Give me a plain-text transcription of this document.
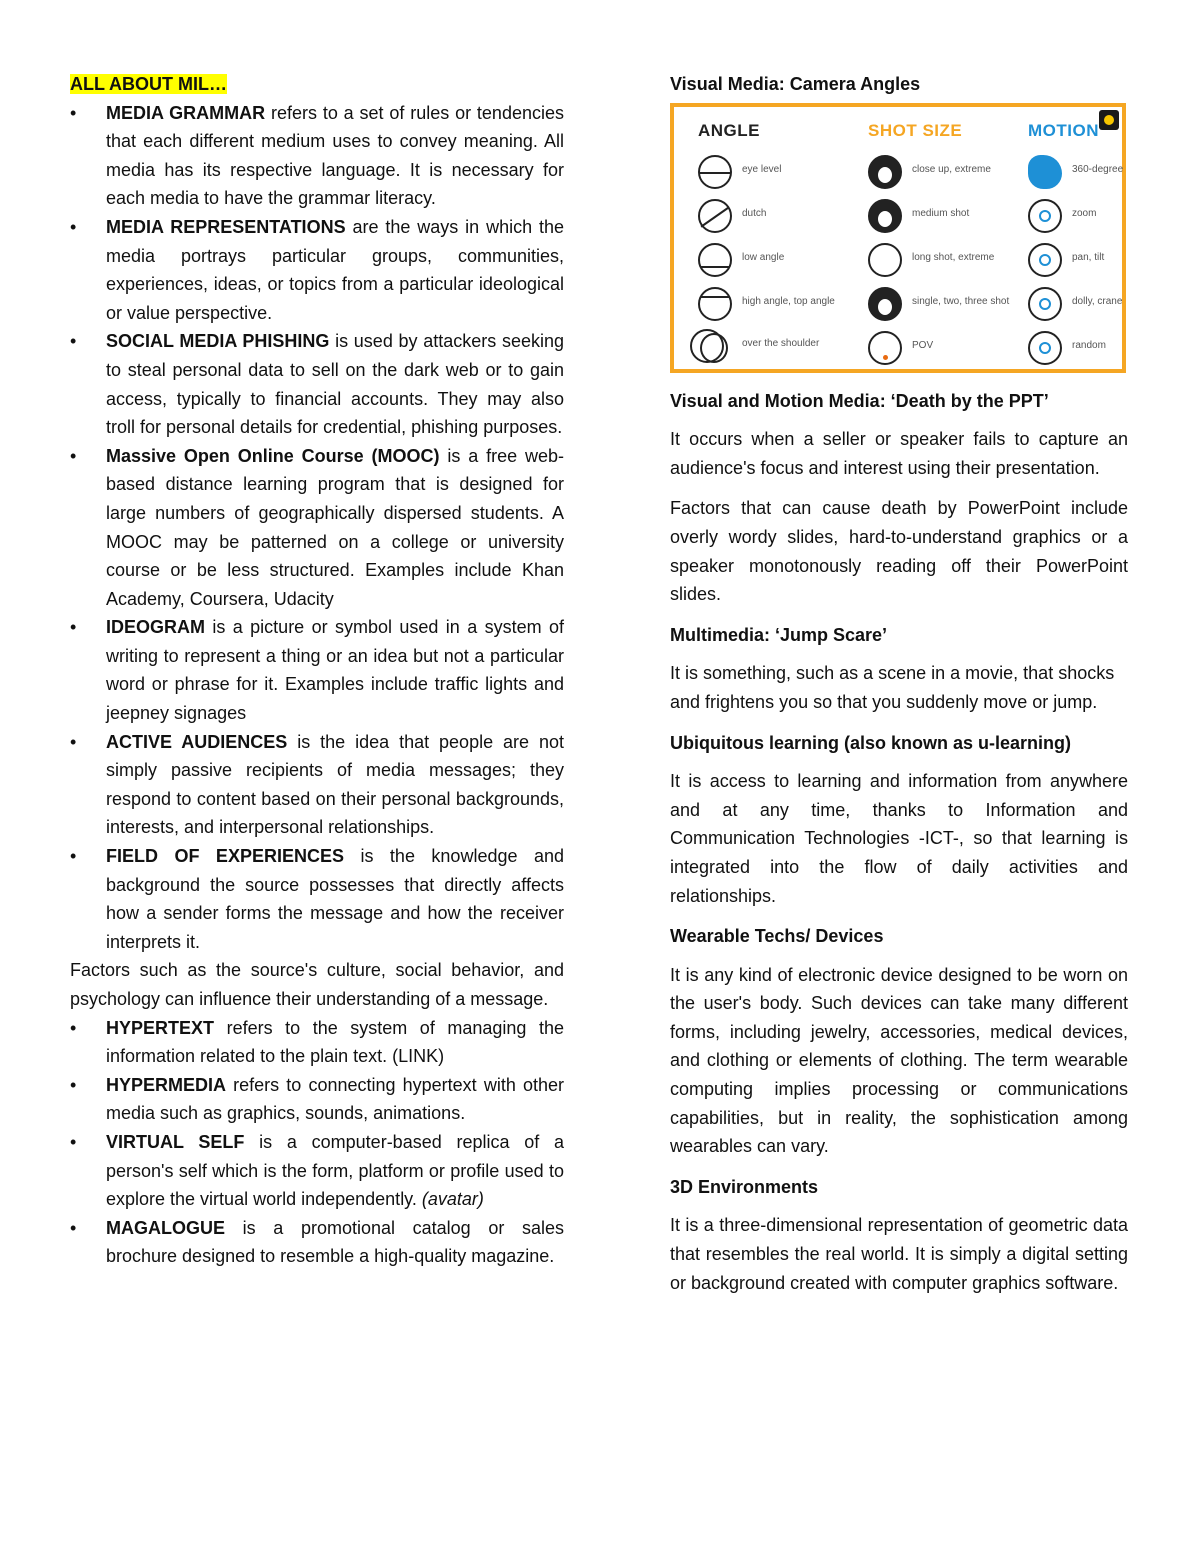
ALL ABOUT MIL…
• MEDIA GRAMMAR refers to a set of rules or tendencies that each different medium uses to convey meaning. All media has its respective language. It is necessary for each media to have the grammar literacy.
• MEDIA REPRESENTATIONS are the ways in which the media portrays particular groups, communities, experiences, ideas, or topics from a particular ideological or value perspective.
• SOCIAL MEDIA PHISHING is used by attackers seeking to steal personal data to sell on the dark web or to gain access, typically to financial accounts. They may also troll for personal details for credential, phishing purposes.
• Massive Open Online Course (MOOC) is a free web-based distance learning program that is designed for large numbers of geographically dispersed students. A MOOC may be patterned on a college or university course or be less structured. Examples include Khan Academy, Coursera, Udacity
• IDEOGRAM is a picture or symbol used in a system of writing to represent a thing or an idea but not a particular word or phrase for it. Examples include traffic lights and jeepney signages
• ACTIVE AUDIENCES is the idea that people are not simply passive recipients of media messages; they respond to content based on their personal backgrounds, interests, and interpersonal relationships.
• FIELD OF EXPERIENCES is the knowledge and background the source possesses that directly affects how a sender forms the message and how the receiver interprets it.

Factors such as the source's culture, social behavior, and psychology can influence their understanding of a message.

• HYPERTEXT refers to the system of managing the information related to the plain text. (LINK)
• HYPERMEDIA refers to connecting hypertext with other media such as graphics, sounds, animations.
• VIRTUAL SELF is a computer-based replica of a person's self which is the form, platform or profile used to explore the virtual world independently. (avatar)
• MAGALOGUE is a promotional catalog or sales brochure designed to resemble a high-quality magazine.
Visual Media: Camera Angles
ANGLE	SHOT SIZE	MOTION
eye level
dutch
low angle
high angle, top angle
over the shoulder
close up, extreme
medium shot
long shot, extreme
single, two, three shot
POV
360-degree
zoom
pan, tilt
dolly, crane
random
Visual and Motion Media: ‘Death by the PPT’

It occurs when a seller or speaker fails to capture an audience's focus and interest using their presentation.

Factors that can cause death by PowerPoint include overly wordy slides, hard-to-understand graphics or a speaker monotonously reading off their PowerPoint slides.

Multimedia: ‘Jump Scare’

It is something, such as a scene in a movie, that shocks and frightens you so that you suddenly move or jump.

Ubiquitous learning (also known as u-learning)

It is access to learning and information from anywhere and at any time, thanks to Information and Communication Technologies -ICT-, so that learning is integrated into the flow of daily activities and relationships.

Wearable Techs/ Devices

It is any kind of electronic device designed to be worn on the user's body. Such devices can take many different forms, including jewelry, accessories, medical devices, and clothing or elements of clothing. The term wearable computing implies processing or communications capabilities, but in reality, the sophistication among wearables can vary.

3D Environments

It is a three-dimensional representation of geometric data that resembles the real world. It is simply a digital setting or background created with computer graphics software.
